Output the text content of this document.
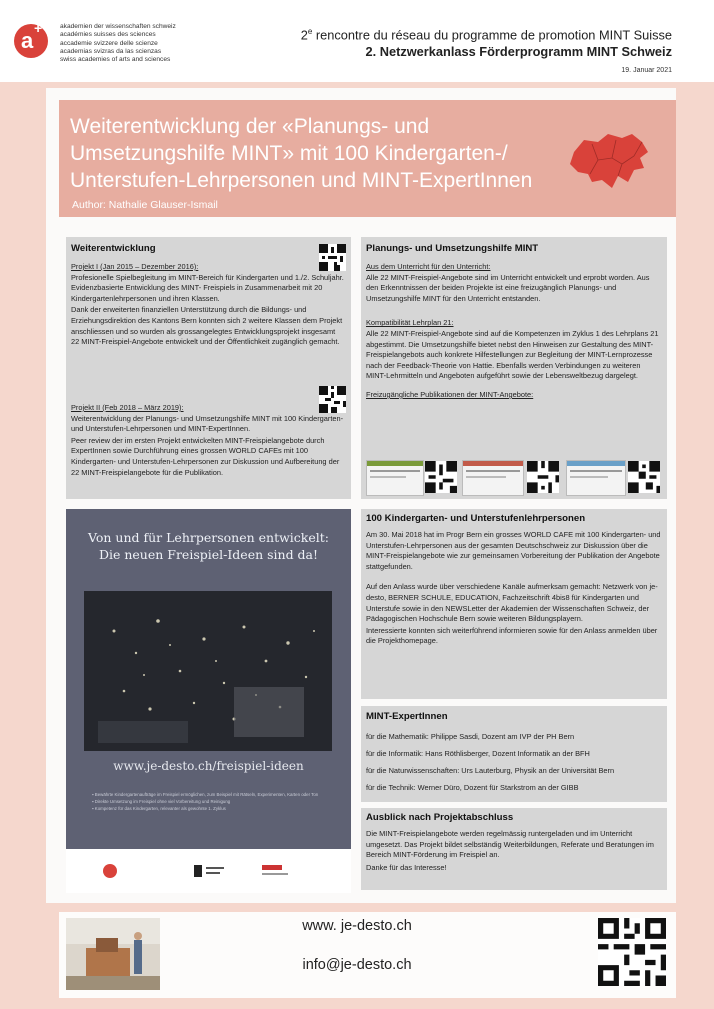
a +	akademien der wissenschaften schweiz
académies suisses des sciences
accademie svizzere delle scienze
academias svizras da las scienzas
swiss academies of arts and sciences
2e rencontre du réseau du programme de promotion MINT Suisse
2. Netzwerkanlass Förderprogramm MINT Schweiz
19. Januar 2021
Weiterentwicklung der «Planungs- und
Umsetzungshilfe MINT» mit 100 Kindergarten-/
Unterstufen-Lehrpersonen und MINT-ExpertInnen
Author: Nathalie Glauser-Ismail
Weiterentwicklung
Projekt I (Jan 2015 – Dezember 2016):
Profesionelle Spielbegleitung im MINT-Bereich für Kindergarten und 1./2. Schuljahr. Evidenzbasierte Entwicklung des MINT- Freispiels in Zusammenarbeit mit 20 Kindergartenlehrpersonen und ihren Klassen.
Dank der erweiterten finanziellen Unterstützung durch die Bildungs- und Erziehungsdirektion des Kantons Bern konnten sich 2 weitere Klassen dem Projekt anschliessen und so wurden als grossangelegtes Entwicklungsprojekt insgesamt 22 MINT-Freispiel-Angebote entwickelt und der Öffentlichkeit zugänglich gemacht.
Projekt II (Feb 2018 – März 2019):
Weiterentwicklung der Planungs- und Umsetzungshilfe MINT mit 100 Kindergarten- und Unterstufen-Lehrpersonen und MINT-ExpertInnen.
Peer review der im ersten Projekt entwickelten MINT-Freispielangebote durch ExpertInnen sowie Durchführung eines grossen WORLD CAFEs mit 100 Kindergarten- und Unterstufen-Lehrpersonen zur Diskussion und Aufbereitung der 22 MINT-Freispielangebote für die Publikation.
Planungs- und Umsetzungshilfe MINT
Aus dem Unterricht für den Unterricht:
Alle 22 MINT-Freispiel-Angebote sind im Unterricht entwickelt und erprobt worden. Aus den Erkenntnissen der beiden Projekte ist eine freizugänglich Planungs- und Umsetzungshilfe MINT für den Unterricht entstanden.
Kompatibilität Lehrplan 21:
Alle 22 MINT-Freispiel-Angebote sind auf die Kompetenzen im Zyklus 1 des Lehrplans 21 abgestimmt. Die Umsetzungshilfe bietet nebst den Hinweisen zur Gestaltung des MINT-Freispielangebots auch konkrete Hilfestellungen zur Begleitung der MINT-Lernprozesse nach der Feedback-Theorie von Hattie. Ebenfalls werden Verbindungen zu weiteren MINT-Lehrmitteln und Angeboten aufgeführt sowie der Lebensweltbezug dargelegt.
Freizugängliche Publikationen der MINT-Angebote:
Von und für Lehrpersonen entwickelt:
Die neuen Freispiel-Ideen sind da!
www.je-desto.ch/freispiel-ideen
▪ Bewährte Kindergartenaufträge im Freispiel ermöglichen, zum Beispiel mit Rätseln, Experimenten, Karten oder Ton
▪ Direkte Umsetzung im Freispiel ohne viel Vorbereitung und Reinigung
▪ Kompetenz für das Kindergarten, relevanter als gewohnte 1. Zyklus
100 Kindergarten- und Unterstufenlehrpersonen
Am 30. Mai 2018 hat im Progr Bern ein grosses WORLD CAFE mit 100 Kindergarten- und Unterstufen-Lehrpersonen aus der gesamten Deutschschweiz zur Diskussion über die MINT-Freispielangebote wie zur gemeinsamen Vorbereitung der Publikation der Angebote stattgefunden.
Auf den Anlass wurde über verschiedene Kanäle aufmerksam gemacht: Netzwerk von je-desto, BERNER SCHULE, EDUCATION, Fachzeitschrift 4bis8 für Kindergarten und Unterstufe sowie in den NEWSLetter der Akademien der Wissenschaften Schweiz, der Pädagogischen Hochschule Bern sowie weiteren Bildungsplayern.
Interessierte konnten sich weiterführend informieren sowie für den Anlass anmelden über die Projekthomepage.
MINT-ExpertInnen
für die Mathematik: Philippe Sasdi, Dozent am IVP der PH Bern
für die Informatik: Hans Röthlisberger, Dozent Informatik an der BFH
für die Naturwissenschaften: Urs Lauterburg, Physik an der Universität Bern
für die Technik: Werner Düro, Dozent für Starkstrom an der GIBB
Ausblick nach Projektabschluss
Die MINT-Freispielangebote werden regelmässig runtergeladen und im Unterricht umgesetzt. Das Projekt bildet selbständig Weiterbildungen, Referate und Beratungen im Bereich MINT-Förderung im Freispiel an.
Danke für das Interesse!
www. je-desto.ch
info@je-desto.ch
